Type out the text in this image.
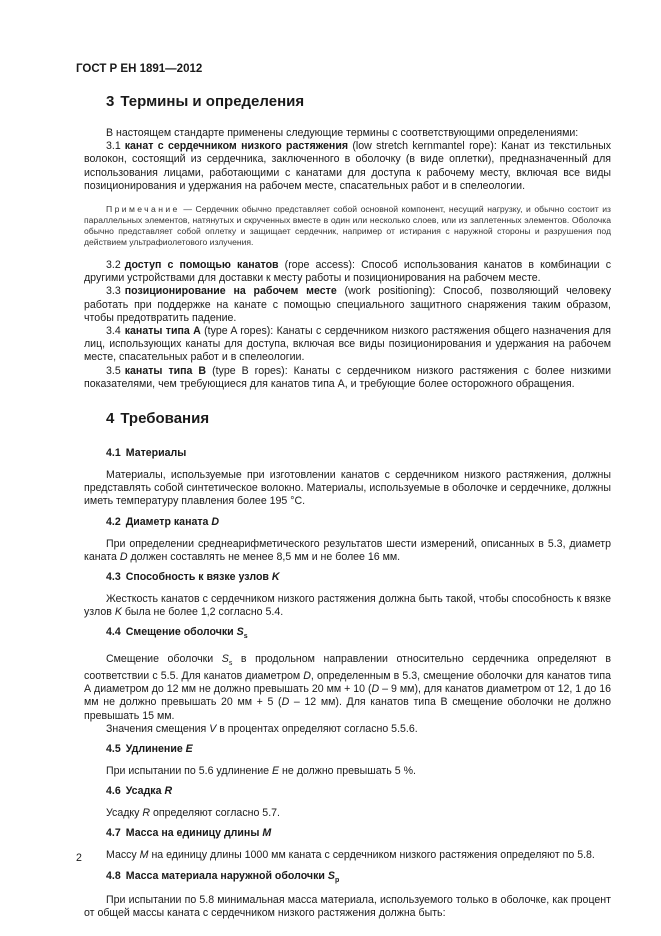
ГОСТ Р ЕН 1891—2012
3 Термины и определения

В настоящем стандарте применены следующие термины с соответствующими определениями:

3.1 канат с сердечником низкого растяжения (low stretch kernmantel rope): Канат из текстильных волокон, состоящий из сердечника, заключенного в оболочку (в виде оплетки), предназначенный для использования лицами, работающими с канатами для доступа к рабочему месту, включая все виды позиционирования и удержания на рабочем месте, спасательных работ и в спелеологии.

Примечание — Сердечник обычно представляет собой основной компонент, несущий нагрузку, и обычно состоит из параллельных элементов, натянутых и скрученных вместе в один или несколько слоев, или из заплетенных элементов. Оболочка обычно представляет собой оплетку и защищает сердечник, например от истирания с наружной стороны и разрушения под действием ультрафиолетового излучения.

3.2 доступ с помощью канатов (rope access): Способ использования канатов в комбинации с другими устройствами для доставки к месту работы и позиционирования на рабочем месте.

3.3 позиционирование на рабочем месте (work positioning): Способ, позволяющий человеку работать при поддержке на канате с помощью специального защитного снаряжения таким образом, чтобы предотвратить падение.

3.4 канаты типа А (type A ropes): Канаты с сердечником низкого растяжения общего назначения для лиц, использующих канаты для доступа, включая все виды позиционирования и удержания на рабочем месте, спасательных работ и в спелеологии.

3.5 канаты типа В (type B ropes): Канаты с сердечником низкого растяжения с более низкими показателями, чем требующиеся для канатов типа А, и требующие более осторожного обращения.

4 Требования
4.1 Материалы

Материалы, используемые при изготовлении канатов с сердечником низкого растяжения, должны представлять собой синтетическое волокно. Материалы, используемые в оболочке и сердечнике, должны иметь температуру плавления более 195 °С.

4.2 Диаметр каната D

При определении среднеарифметического результатов шести измерений, описанных в 5.3, диаметр каната D должен составлять не менее 8,5 мм и не более 16 мм.

4.3 Способность к вязке узлов K

Жесткость канатов с сердечником низкого растяжения должна быть такой, чтобы способность к вязке узлов K была не более 1,2 согласно 5.4.

4.4 Смещение оболочки $S_s$

Смещение оболочки $S_s$ в продольном направлении относительно сердечника определяют в соответствии с 5.5. Для канатов диаметром D, определенным в 5.3, смещение оболочки для канатов типа А диаметром до 12 мм не должно превышать 20 мм + 10 (D – 9 мм), для канатов диаметром от 12, 1 до 16 мм не должно превышать 20 мм + 5 (D – 12 мм). Для канатов типа В смещение оболочки не должно превышать 15 мм.

Значения смещения V в процентах определяют согласно 5.5.6.

4.5 Удлинение E

При испытании по 5.6 удлинение E не должно превышать 5 %.

4.6 Усадка R

Усадку R определяют согласно 5.7.

4.7 Масса на единицу длины M

Массу M на единицу длины 1000 мм каната с сердечником низкого растяжения определяют по 5.8.

4.8 Масса материала наружной оболочки $S_p$

При испытании по 5.8 минимальная масса материала, используемого только в оболочке, как процент от общей массы каната с сердечником низкого растяжения должна быть:

2
